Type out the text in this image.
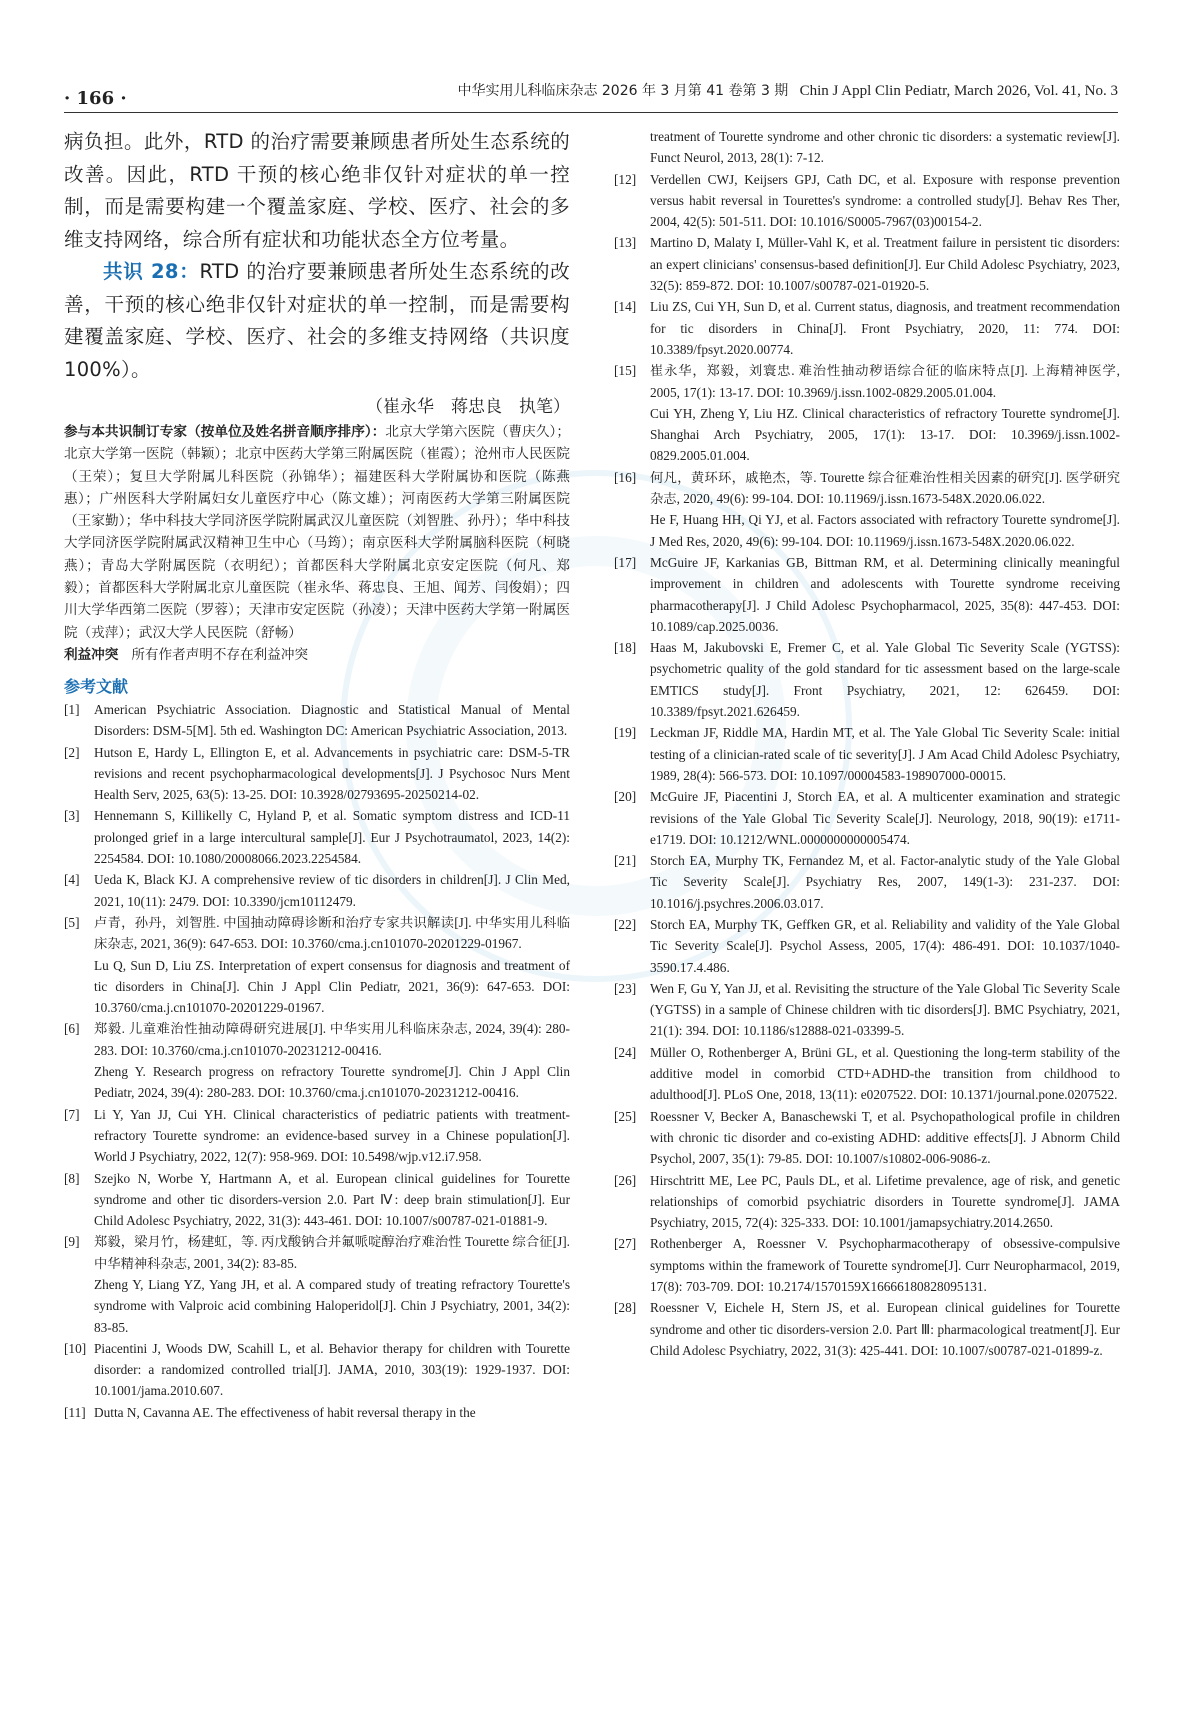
· 166 ·	中华实用儿科临床杂志 2026 年 3 月第 41 卷第 3 期 Chin J Appl Clin Pediatr, March 2026, Vol. 41, No. 3

病负担。此外，RTD 的治疗需要兼顾患者所处生态系统的改善。因此，RTD 干预的核心绝非仅针对症状的单一控制，而是需要构建一个覆盖家庭、学校、医疗、社会的多维支持网络，综合所有症状和功能状态全方位考量。

共识 28：RTD 的治疗要兼顾患者所处生态系统的改善，干预的核心绝非仅针对症状的单一控制，而是需要构建覆盖家庭、学校、医疗、社会的多维支持网络（共识度 100%）。

（崔永华　蒋忠良　执笔）

参与本共识制订专家（按单位及姓名拼音顺序排序）：北京大学第六医院（曹庆久）；北京大学第一医院（韩颖）；北京中医药大学第三附属医院（崔霞）；沧州市人民医院（王荣）；复旦大学附属儿科医院（孙锦华）；福建医科大学附属协和医院（陈燕惠）；广州医科大学附属妇女儿童医疗中心（陈文雄）；河南医药大学第三附属医院（王家勤）；华中科技大学同济医学院附属武汉儿童医院（刘智胜、孙丹）；华中科技大学同济医学院附属武汉精神卫生中心（马筠）；南京医科大学附属脑科医院（柯晓燕）；青岛大学附属医院（衣明纪）；首都医科大学附属北京安定医院（何凡、郑毅）；首都医科大学附属北京儿童医院（崔永华、蒋忠良、王旭、闻芳、闫俊娟）；四川大学华西第二医院（罗蓉）；天津市安定医院（孙凌）；天津中医药大学第一附属医院（戎萍）；武汉大学人民医院（舒畅）

利益冲突 所有作者声明不存在利益冲突

参考文献
[1] American Psychiatric Association. Diagnostic and Statistical Manual of Mental Disorders: DSM-5[M]. 5th ed. Washington DC: American Psychiatric Association, 2013.
[2] Hutson E, Hardy L, Ellington E, et al. Advancements in psychiatric care: DSM-5-TR revisions and recent psychopharmacological developments[J]. J Psychosoc Nurs Ment Health Serv, 2025, 63(5): 13-25. DOI: 10.3928/02793695-20250214-02.
[3] Hennemann S, Killikelly C, Hyland P, et al. Somatic symptom distress and ICD-11 prolonged grief in a large intercultural sample[J]. Eur J Psychotraumatol, 2023, 14(2): 2254584. DOI: 10.1080/20008066.2023.2254584.
[4] Ueda K, Black KJ. A comprehensive review of tic disorders in children[J]. J Clin Med, 2021, 10(11): 2479. DOI: 10.3390/jcm10112479.
[5] 卢青，孙丹，刘智胜. 中国抽动障碍诊断和治疗专家共识解读[J]. 中华实用儿科临床杂志, 2021, 36(9): 647-653. DOI: 10.3760/cma.j.cn101070-20201229-01967.
Lu Q, Sun D, Liu ZS. Interpretation of expert consensus for diagnosis and treatment of tic disorders in China[J]. Chin J Appl Clin Pediatr, 2021, 36(9): 647-653. DOI: 10.3760/cma.j.cn101070-20201229-01967.
[6] 郑毅. 儿童难治性抽动障碍研究进展[J]. 中华实用儿科临床杂志, 2024, 39(4): 280-283. DOI: 10.3760/cma.j.cn101070-20231212-00416.
Zheng Y. Research progress on refractory Tourette syndrome[J]. Chin J Appl Clin Pediatr, 2024, 39(4): 280-283. DOI: 10.3760/cma.j.cn101070-20231212-00416.
[7] Li Y, Yan JJ, Cui YH. Clinical characteristics of pediatric patients with treatment-refractory Tourette syndrome: an evidence-based survey in a Chinese population[J]. World J Psychiatry, 2022, 12(7): 958-969. DOI: 10.5498/wjp.v12.i7.958.
[8] Szejko N, Worbe Y, Hartmann A, et al. European clinical guidelines for Tourette syndrome and other tic disorders-version 2.0. Part Ⅳ: deep brain stimulation[J]. Eur Child Adolesc Psychiatry, 2022, 31(3): 443-461. DOI: 10.1007/s00787-021-01881-9.
[9] 郑毅，梁月竹，杨建虹，等. 丙戊酸钠合并氟哌啶醇治疗难治性 Tourette 综合征[J]. 中华精神科杂志, 2001, 34(2): 83-85.
Zheng Y, Liang YZ, Yang JH, et al. A compared study of treating refractory Tourette's syndrome with Valproic acid combining Haloperidol[J]. Chin J Psychiatry, 2001, 34(2): 83-85.
[10] Piacentini J, Woods DW, Scahill L, et al. Behavior therapy for children with Tourette disorder: a randomized controlled trial[J]. JAMA, 2010, 303(19): 1929-1937. DOI: 10.1001/jama.2010.607.
[11] Dutta N, Cavanna AE. The effectiveness of habit reversal therapy in the
treatment of Tourette syndrome and other chronic tic disorders: a systematic review[J]. Funct Neurol, 2013, 28(1): 7-12.
[12] Verdellen CWJ, Keijsers GPJ, Cath DC, et al. Exposure with response prevention versus habit reversal in Tourettes's syndrome: a controlled study[J]. Behav Res Ther, 2004, 42(5): 501-511. DOI: 10.1016/S0005-7967(03)00154-2.
[13] Martino D, Malaty I, Müller-Vahl K, et al. Treatment failure in persistent tic disorders: an expert clinicians' consensus-based definition[J]. Eur Child Adolesc Psychiatry, 2023, 32(5): 859-872. DOI: 10.1007/s00787-021-01920-5.
[14] Liu ZS, Cui YH, Sun D, et al. Current status, diagnosis, and treatment recommendation for tic disorders in China[J]. Front Psychiatry, 2020, 11: 774. DOI: 10.3389/fpsyt.2020.00774.
[15] 崔永华，郑毅，刘寰忠. 难治性抽动秽语综合征的临床特点[J]. 上海精神医学, 2005, 17(1): 13-17. DOI: 10.3969/j.issn.1002-0829.2005.01.004.
Cui YH, Zheng Y, Liu HZ. Clinical characteristics of refractory Tourette syndrome[J]. Shanghai Arch Psychiatry, 2005, 17(1): 13-17. DOI: 10.3969/j.issn.1002-0829.2005.01.004.
[16] 何凡，黄环环，戚艳杰，等. Tourette 综合征难治性相关因素的研究[J]. 医学研究杂志, 2020, 49(6): 99-104. DOI: 10.11969/j.issn.1673-548X.2020.06.022.
He F, Huang HH, Qi YJ, et al. Factors associated with refractory Tourette syndrome[J]. J Med Res, 2020, 49(6): 99-104. DOI: 10.11969/j.issn.1673-548X.2020.06.022.
[17] McGuire JF, Karkanias GB, Bittman RM, et al. Determining clinically meaningful improvement in children and adolescents with Tourette syndrome receiving pharmacotherapy[J]. J Child Adolesc Psychopharmacol, 2025, 35(8): 447-453. DOI: 10.1089/cap.2025.0036.
[18] Haas M, Jakubovski E, Fremer C, et al. Yale Global Tic Severity Scale (YGTSS): psychometric quality of the gold standard for tic assessment based on the large-scale EMTICS study[J]. Front Psychiatry, 2021, 12: 626459. DOI: 10.3389/fpsyt.2021.626459.
[19] Leckman JF, Riddle MA, Hardin MT, et al. The Yale Global Tic Severity Scale: initial testing of a clinician-rated scale of tic severity[J]. J Am Acad Child Adolesc Psychiatry, 1989, 28(4): 566-573. DOI: 10.1097/00004583-198907000-00015.
[20] McGuire JF, Piacentini J, Storch EA, et al. A multicenter examination and strategic revisions of the Yale Global Tic Severity Scale[J]. Neurology, 2018, 90(19): e1711-e1719. DOI: 10.1212/WNL.0000000000005474.
[21] Storch EA, Murphy TK, Fernandez M, et al. Factor-analytic study of the Yale Global Tic Severity Scale[J]. Psychiatry Res, 2007, 149(1-3): 231-237. DOI: 10.1016/j.psychres.2006.03.017.
[22] Storch EA, Murphy TK, Geffken GR, et al. Reliability and validity of the Yale Global Tic Severity Scale[J]. Psychol Assess, 2005, 17(4): 486-491. DOI: 10.1037/1040-3590.17.4.486.
[23] Wen F, Gu Y, Yan JJ, et al. Revisiting the structure of the Yale Global Tic Severity Scale (YGTSS) in a sample of Chinese children with tic disorders[J]. BMC Psychiatry, 2021, 21(1): 394. DOI: 10.1186/s12888-021-03399-5.
[24] Müller O, Rothenberger A, Brüni GL, et al. Questioning the long-term stability of the additive model in comorbid CTD+ADHD-the transition from childhood to adulthood[J]. PLoS One, 2018, 13(11): e0207522. DOI: 10.1371/journal.pone.0207522.
[25] Roessner V, Becker A, Banaschewski T, et al. Psychopathological profile in children with chronic tic disorder and co-existing ADHD: additive effects[J]. J Abnorm Child Psychol, 2007, 35(1): 79-85. DOI: 10.1007/s10802-006-9086-z.
[26] Hirschtritt ME, Lee PC, Pauls DL, et al. Lifetime prevalence, age of risk, and genetic relationships of comorbid psychiatric disorders in Tourette syndrome[J]. JAMA Psychiatry, 2015, 72(4): 325-333. DOI: 10.1001/jamapsychiatry.2014.2650.
[27] Rothenberger A, Roessner V. Psychopharmacotherapy of obsessive-compulsive symptoms within the framework of Tourette syndrome[J]. Curr Neuropharmacol, 2019, 17(8): 703-709. DOI: 10.2174/1570159X16666180828095131.
[28] Roessner V, Eichele H, Stern JS, et al. European clinical guidelines for Tourette syndrome and other tic disorders-version 2.0. Part Ⅲ: pharmacological treatment[J]. Eur Child Adolesc Psychiatry, 2022, 31(3): 425-441. DOI: 10.1007/s00787-021-01899-z.
